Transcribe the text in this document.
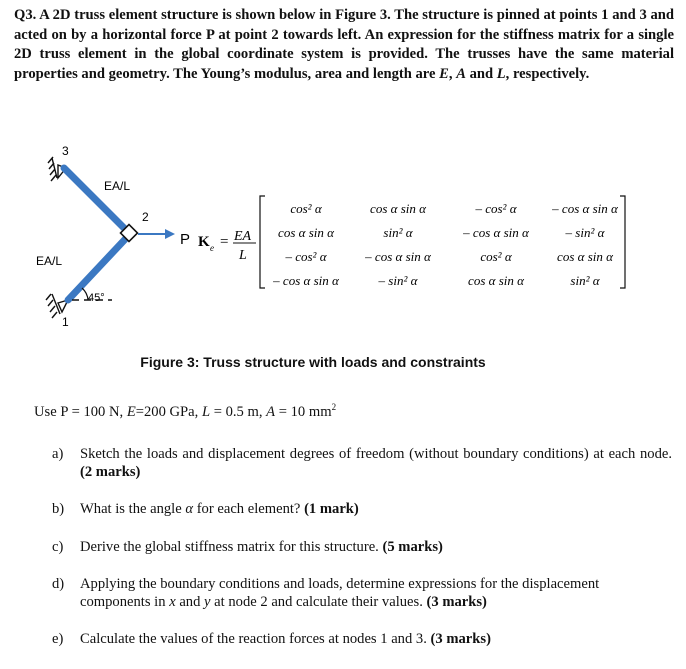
Q3. A 2D truss element structure is shown below in Figure 3. The structure is pinned at points 1 and 3 and acted on by a horizontal force P at point 2 towards left. An expression for the stiffness matrix for a single 2D truss element in the global coordinate system is provided. The trusses have the same material properties and geometry. The Young’s modulus, area and length are E, A and L, respectively.
3
2
1
EA/L
EA/L
45°
P K e = EA
L
cos² α	cos α sin α	– cos² α	– cos α sin α
cos α sin α	sin² α	– cos α sin α	– sin² α
– cos² α	– cos α sin α	cos² α	cos α sin α
– cos α sin α	– sin² α	cos α sin α	sin² α
Figure 3: Truss structure with loads and constraints
Use P = 100 N, E=200 GPa, L = 0.5 m, A = 10 $mm^2$
a)	Sketch the loads and displacement degrees of freedom (without boundary conditions) at each node. (2 marks)
b)	What is the angle α for each element? (1 mark)
c)	Derive the global stiffness matrix for this structure. (5 marks)
d)	Applying the boundary conditions and loads, determine expressions for the displacement components in x and y at node 2 and calculate their values. (3 marks)
e)	Calculate the values of the reaction forces at nodes 1 and 3. (3 marks)
